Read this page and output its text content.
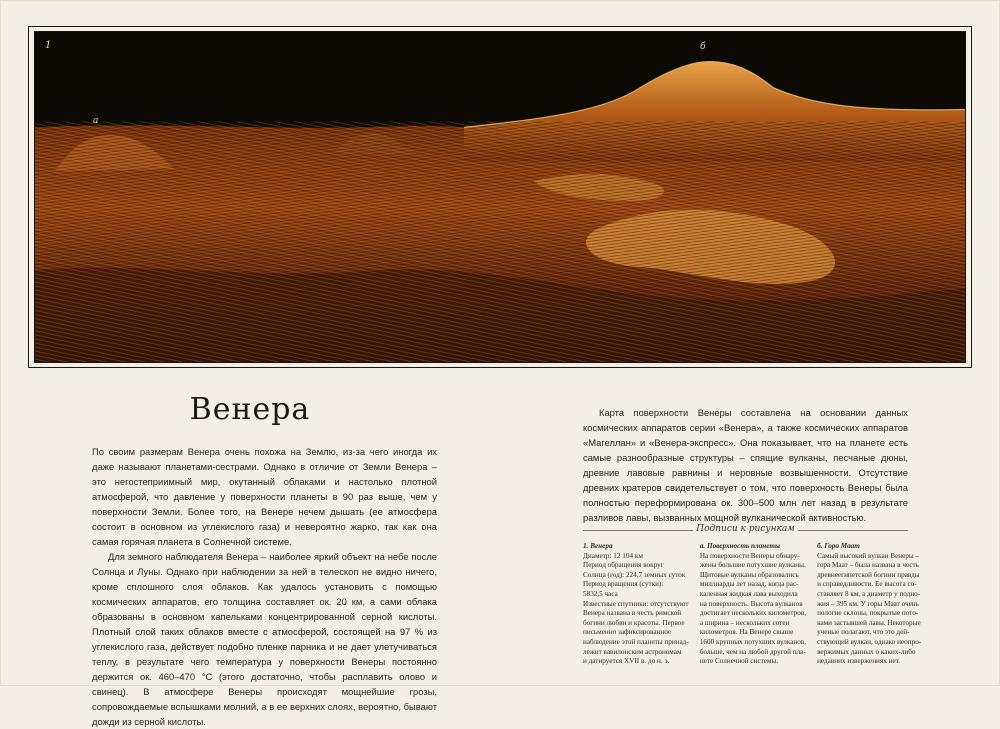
1
а
б
Венера

По своим размерам Венера очень похожа на Землю, из-за чего иногда их даже называют планетами-сестрами. Однако в отличие от Земли Венера – это негостеприимный мир, окутанный облаками и настолько плотной атмосферой, что давление у поверхности планеты в 90 раз выше, чем у поверхности Земли. Более того, на Венере нечем дышать (ее атмосфера состоит в основном из углекислого газа) и невероятно жарко, так как она самая горячая планета в Солнечной системе.

Для земного наблюдателя Венера – наиболее яркий объект на небе после Солнца и Луны. Однако при наблюдении за ней в телескоп не видно ничего, кроме сплошного слоя облаков. Как удалось установить с помощью космических аппаратов, его толщина составляет ок. 20 км, а сами облака образованы в основном капельками концентрированной серной кислоты. Плотный слой таких облаков вместе с атмосферой, состоящей на 97 % из углекислого газа, действует подобно пленке парника и не дает улетучиваться теплу, в результате чего температура у поверхности Венеры постоянно держится ок. 460–470 °С (этого достаточно, чтобы расплавить олово и свинец). В атмосфере Венеры происходят мощнейшие грозы, сопровождаемые вспышками молний, а в ее верхних слоях, вероятно, бывают дожди из серной кислоты.

Карта поверхности Венеры составлена на основании данных космических аппаратов серии «Венера», а также космических аппаратов «Магеллан» и «Венера-экспресс». Она показывает, что на планете есть самые разнообразные структуры – спящие вулканы, песчаные дюны, древние лавовые равнины и неровные возвышенности. Отсутствие древних кратеров свидетельствует о том, что поверхность Венеры была полностью переформирована ок. 300–500 млн лет назад в результате разливов лавы, вызванных мощной вулканической активностью.

Подписи к рисункам
1. Венера
Диаметр: 12 104 км
Период обращения вокруг
Солнца (год): 224,7 земных суток
Период вращения (сутки):
5832,5 часа
Известные спутники: отсутствуют
Венера названа в честь римской
богини любви и красоты. Первое
письменно зафиксированное
наблюдение этой планеты принад-
лежит вавилонским астрономам
и датируется XVII в. до н. э.
а. Поверхность планеты
На поверхности Венеры обнару-
жены большие потухшие вулканы.
Щитовые вулканы образовались
миллиарды лет назад, когда рас-
каленная жидкая лава выходила
на поверхность. Высота вулканов
достигает нескольких километров,
а ширина – нескольких сотен
километров. На Венере свыше
1600 крупных потухших вулканов,
больше, чем на любой другой пла-
нете Солнечной системы.
б. Гора Маат
Самый высокий вулкан Венеры –
гора Маат – была названа в честь
древнеегипетской богини правды
и справедливости. Ее высота со-
ставляет 8 км, а диаметр у подно-
жия – 395 км. У горы Маат очень
пологие склоны, покрытые пото-
ками застывшей лавы. Некоторые
ученые полагают, что это дей-
ствующий вулкан, однако неопро-
вержимых данных о каких-либо
недавних извержениях нет.
